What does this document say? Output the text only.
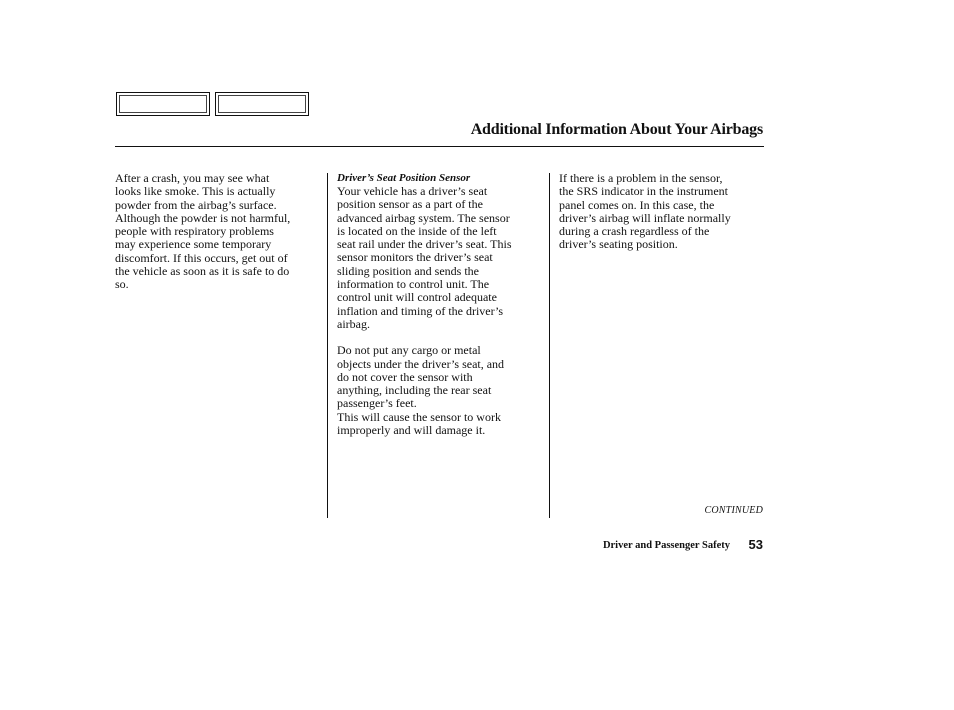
Additional Information About Your Airbags

After a crash, you may see what

looks like smoke. This is actually

powder from the airbag’s surface.

Although the powder is not harmful,

people with respiratory problems

may experience some temporary

discomfort. If this occurs, get out of

the vehicle as soon as it is safe to do

so.

Driver’s Seat Position Sensor

Your vehicle has a driver’s seat

position sensor as a part of the

advanced airbag system. The sensor

is located on the inside of the left

seat rail under the driver’s seat. This

sensor monitors the driver’s seat

sliding position and sends the

information to control unit. The

control unit will control adequate

inflation and timing of the driver’s

airbag.

Do not put any cargo or metal

objects under the driver’s seat, and

do not cover the sensor with

anything, including the rear seat

passenger’s feet.

This will cause the sensor to work

improperly and will damage it.

If there is a problem in the sensor,

the SRS indicator in the instrument

panel comes on. In this case, the

driver’s airbag will inflate normally

during a crash regardless of the

driver’s seating position.

CONTINUED
Driver and Passenger Safety 53
